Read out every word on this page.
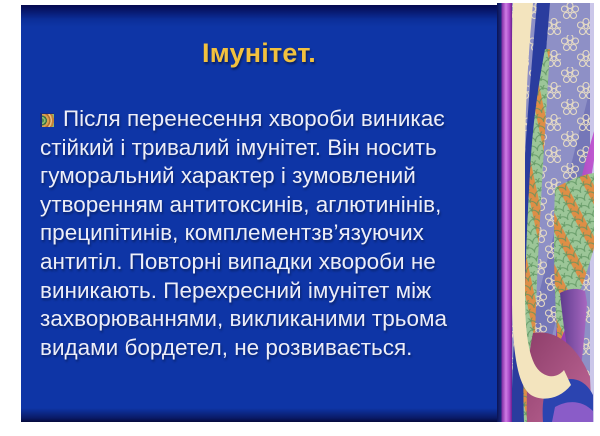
Імунітет.
Після перенесення хвороби виникає стійкий і тривалий імунітет. Він носить гуморальний характер і зумовлений утворенням антитоксинів, аглютинінів, преципітинів, комплементзв’язуючих антитіл. Повторні випадки хвороби не виникають. Перехресний імунітет між захворюваннями, викликаними трьома видами бордетел, не розвивається.
